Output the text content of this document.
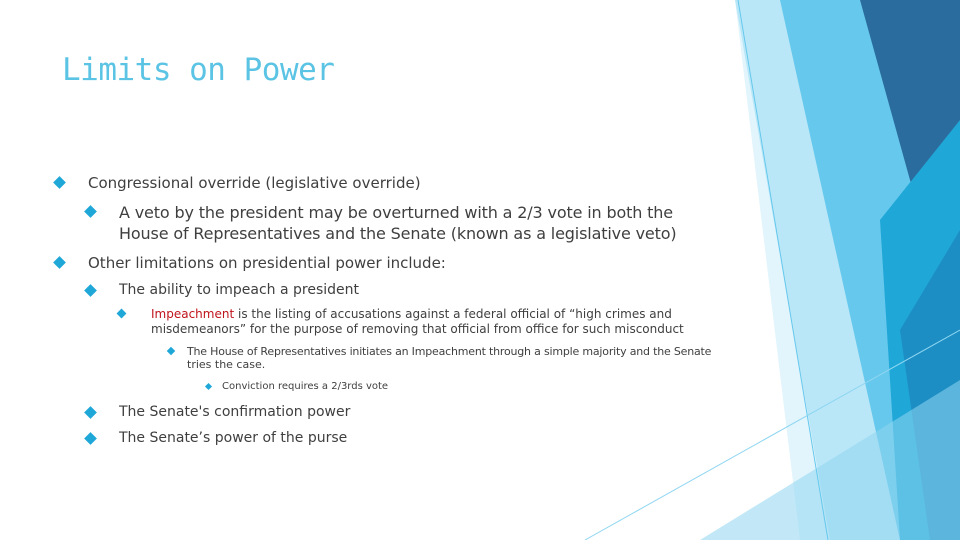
Limits on Power
Congressional override (legislative override)
A veto by the president may be overturned with a 2/3 vote in both the
House of Representatives and the Senate (known as a legislative veto)
Other limitations on presidential power include:
The ability to impeach a president
Impeachment is the listing of accusations against a federal official of “high crimes and
misdemeanors” for the purpose of removing that official from office for such misconduct
The House of Representatives initiates an Impeachment through a simple majority and the Senate
tries the case.
Conviction requires a 2/3rds vote
The Senate's confirmation power
The Senate’s power of the purse
